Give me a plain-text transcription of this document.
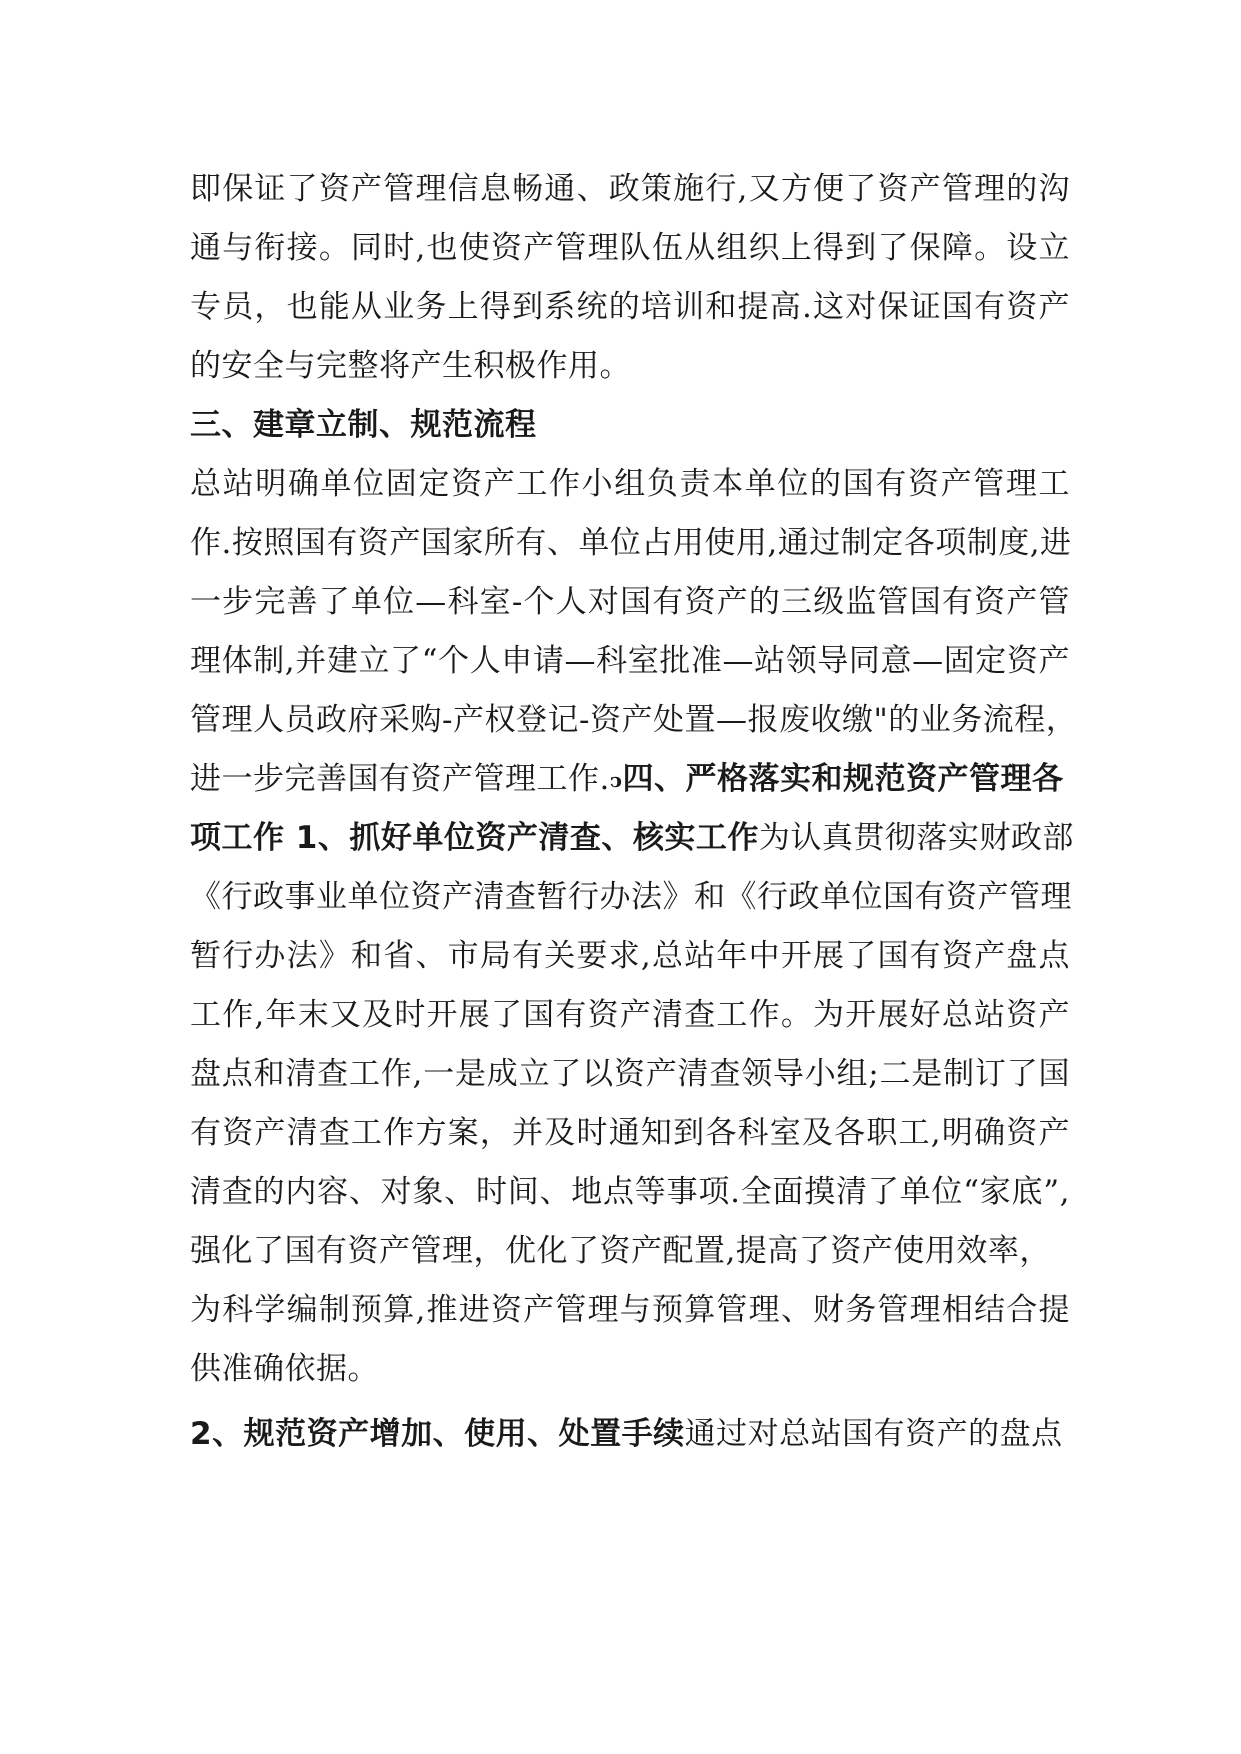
即保证了资产管理信息畅通、政策施行,又方便了资产管理的沟
通与衔接。同时,也使资产管理队伍从组织上得到了保障。设立
专员，也能从业务上得到系统的培训和提高.这对保证国有资产
的安全与完整将产生积极作用。
三、建章立制、规范流程
总站明确单位固定资产工作小组负责本单位的国有资产管理工
作.按照国有资产国家所有、单位占用使用,通过制定各项制度,进
一步完善了单位—科室-个人对国有资产的三级监管国有资产管
理体制,并建立了“个人申请—科室批准—站领导同意—固定资产
管理人员政府采购-产权登记-资产处置—报废收缴"的业务流程，
进一步完善国有资产管理工作.ↄ四、严格落实和规范资产管理各
项工作 1、抓好单位资产清查、核实工作为认真贯彻落实财政部
《行政事业单位资产清查暂行办法》和《行政单位国有资产管理
暂行办法》和省、市局有关要求,总站年中开展了国有资产盘点
工作,年末又及时开展了国有资产清查工作。为开展好总站资产
盘点和清查工作,一是成立了以资产清查领导小组;二是制订了国
有资产清查工作方案，并及时通知到各科室及各职工,明确资产
清查的内容、对象、时间、地点等事项.全面摸清了单位“家底”,
强化了国有资产管理，优化了资产配置,提高了资产使用效率，
为科学编制预算,推进资产管理与预算管理、财务管理相结合提
供准确依据。
2、规范资产增加、使用、处置手续通过对总站国有资产的盘点
